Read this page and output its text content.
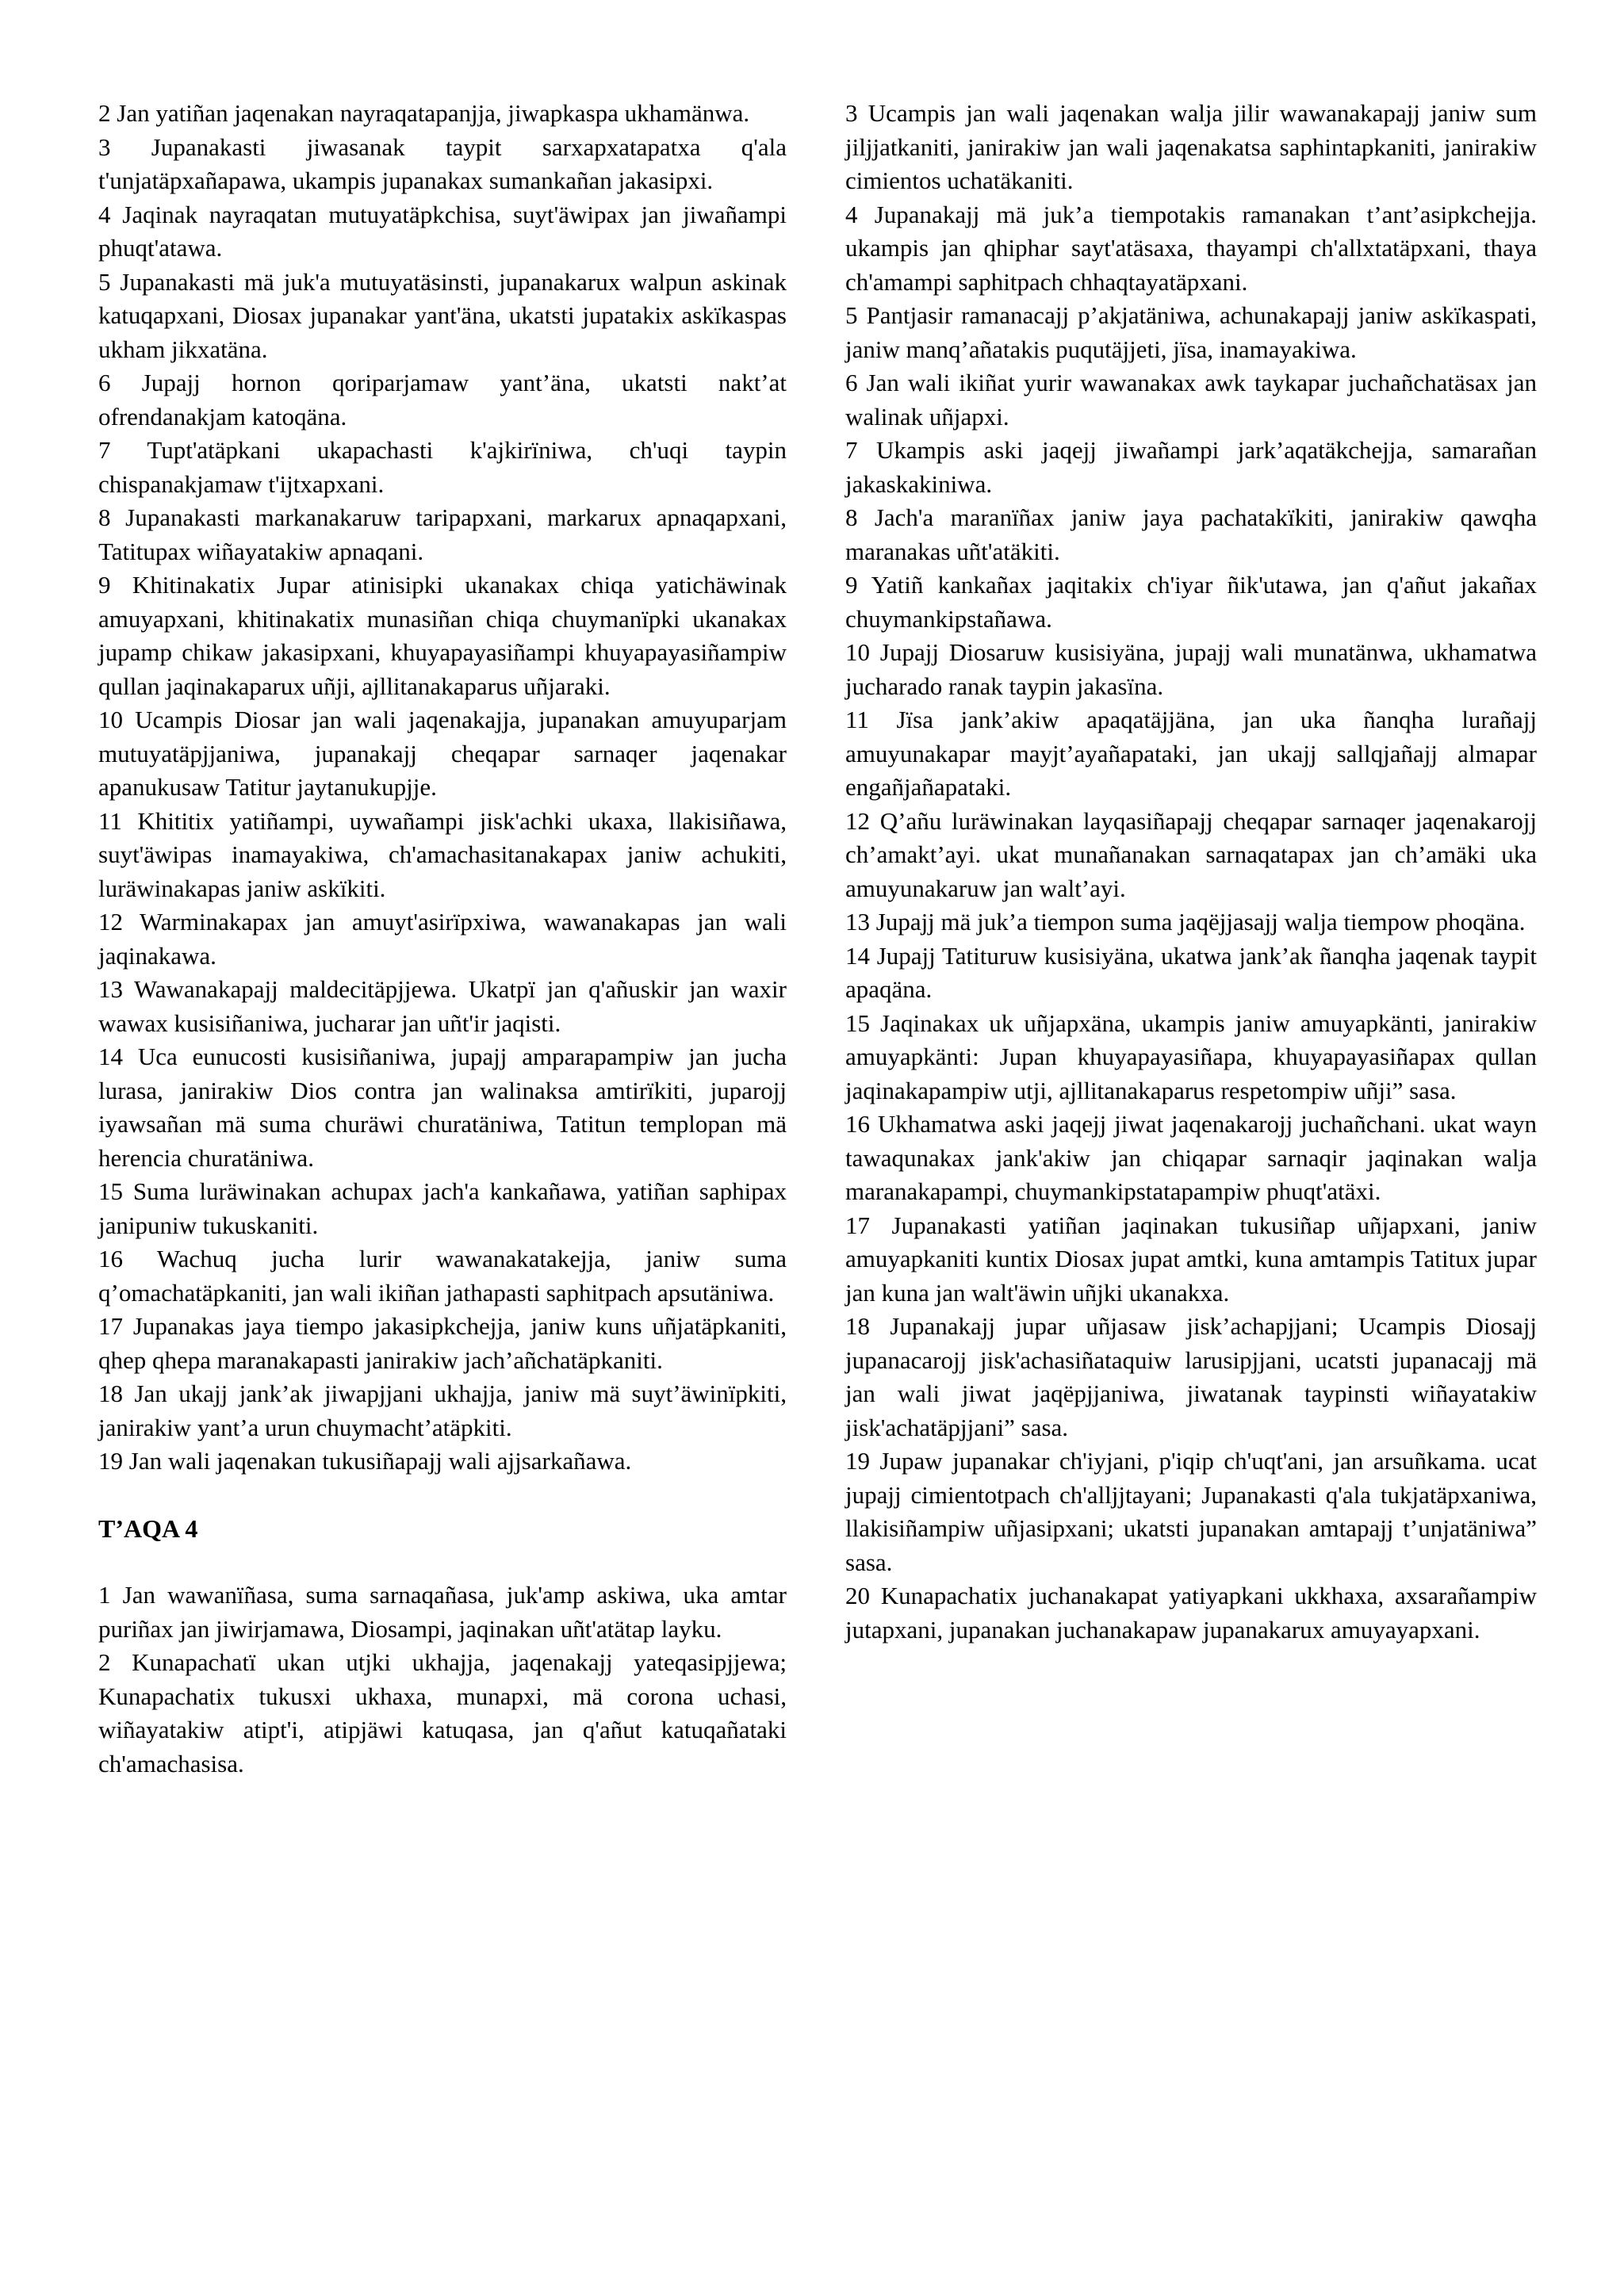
2 Jan yatiñan jaqenakan nayraqatapanjja, jiwapkaspa ukhamänwa.

3 Jupanakasti jiwasanak taypit sarxapxatapatxa q'ala t'unjatäpxañapawa, ukampis jupanakax sumankañan jakasipxi.

4 Jaqinak nayraqatan mutuyatäpkchisa, suyt'äwipax jan jiwañampi phuqt'atawa.

5 Jupanakasti mä juk'a mutuyatäsinsti, jupanakarux walpun askinak katuqapxani, Diosax jupanakar yant'äna, ukatsti jupatakix askïkaspas ukham jikxatäna.

6 Jupajj hornon qoriparjamaw yant’äna, ukatsti nakt’at ofrendanakjam katoqäna.

7 Tupt'atäpkani ukapachasti k'ajkirïniwa, ch'uqi taypin chispanakjamaw t'ijtxapxani.

8 Jupanakasti markanakaruw taripapxani, markarux apnaqapxani, Tatitupax wiñayatakiw apnaqani.

9 Khitinakatix Jupar atinisipki ukanakax chiqa yatichäwinak amuyapxani, khitinakatix munasiñan chiqa chuymanïpki ukanakax jupamp chikaw jakasipxani, khuyapayasiñampi khuyapayasiñampiw qullan jaqinakaparux uñji, ajllitanakaparus uñjaraki.

10 Ucampis Diosar jan wali jaqenakajja, jupanakan amuyuparjam mutuyatäpjjaniwa, jupanakajj cheqapar sarnaqer jaqenakar apanukusaw Tatitur jaytanukupjje.

11 Khititix yatiñampi, uywañampi jisk'achki ukaxa, llakisiñawa, suyt'äwipas inamayakiwa, ch'amachasitanakapax janiw achukiti, luräwinakapas janiw askïkiti.

12 Warminakapax jan amuyt'asirïpxiwa, wawanakapas jan wali jaqinakawa.

13 Wawanakapajj maldecitäpjjewa. Ukatpï jan q'añuskir jan waxir wawax kusisiñaniwa, jucharar jan uñt'ir jaqisti.

14 Uca eunucosti kusisiñaniwa, jupajj amparapampiw jan jucha lurasa, janirakiw Dios contra jan walinaksa amtirïkiti, juparojj iyawsañan mä suma churäwi churatäniwa, Tatitun templopan mä herencia churatäniwa.

15 Suma luräwinakan achupax jach'a kankañawa, yatiñan saphipax janipuniw tukuskaniti.

16 Wachuq jucha lurir wawanakatakejja, janiw suma q’omachatäpkaniti, jan wali ikiñan jathapasti saphitpach apsutäniwa.

17 Jupanakas jaya tiempo jakasipkchejja, janiw kuns uñjatäpkaniti, qhep qhepa maranakapasti janirakiw jach’añchatäpkaniti.

18 Jan ukajj jank’ak jiwapjjani ukhajja, janiw mä suyt’äwinïpkiti, janirakiw yant’a urun chuymacht’atäpkiti.

19 Jan wali jaqenakan tukusiñapajj wali ajjsarkañawa.

T’AQA 4

1 Jan wawanïñasa, suma sarnaqañasa, juk'amp askiwa, uka amtar puriñax jan jiwirjamawa, Diosampi, jaqinakan uñt'atätap layku.

2 Kunapachatï ukan utjki ukhajja, jaqenakajj yateqasipjjewa; Kunapachatix tukusxi ukhaxa, munapxi, mä corona uchasi, wiñayatakiw atipt'i, atipjäwi katuqasa, jan q'añut katuqañataki ch'amachasisa.

3 Ucampis jan wali jaqenakan walja jilir wawanakapajj janiw sum jiljjatkaniti, janirakiw jan wali jaqenakatsa saphintapkaniti, janirakiw cimientos uchatäkaniti.

4 Jupanakajj mä juk’a tiempotakis ramanakan t’ant’asipkchejja. ukampis jan qhiphar sayt'atäsaxa, thayampi ch'allxtatäpxani, thaya ch'amampi saphitpach chhaqtayatäpxani.

5 Pantjasir ramanacajj p’akjatäniwa, achunakapajj janiw askïkaspati, janiw manq’añatakis puqutäjjeti, jïsa, inamayakiwa.

6 Jan wali ikiñat yurir wawanakax awk taykapar juchañchatäsax jan walinak uñjapxi.

7 Ukampis aski jaqejj jiwañampi jark’aqatäkchejja, samarañan jakaskakiniwa.

8 Jach'a maranïñax janiw jaya pachatakïkiti, janirakiw qawqha maranakas uñt'atäkiti.

9 Yatiñ kankañax jaqitakix ch'iyar ñik'utawa, jan q'añut jakañax chuymankipstañawa.

10 Jupajj Diosaruw kusisiyäna, jupajj wali munatänwa, ukhamatwa jucharado ranak taypin jakasïna.

11 Jïsa jank’akiw apaqatäjjäna, jan uka ñanqha lurañajj amuyunakapar mayjt’ayañapataki, jan ukajj sallqjañajj almapar engañjañapataki.

12 Q’añu luräwinakan layqasiñapajj cheqapar sarnaqer jaqenakarojj ch’amakt’ayi. ukat munañanakan sarnaqatapax jan ch’amäki uka amuyunakaruw jan walt’ayi.

13 Jupajj mä juk’a tiempon suma jaqëjjasajj walja tiempow phoqäna.

14 Jupajj Tatituruw kusisiyäna, ukatwa jank’ak ñanqha jaqenak taypit apaqäna.

15 Jaqinakax uk uñjapxäna, ukampis janiw amuyapkänti, janirakiw amuyapkänti: Jupan khuyapayasiñapa, khuyapayasiñapax qullan jaqinakapampiw utji, ajllitanakaparus respetompiw uñji” sasa.

16 Ukhamatwa aski jaqejj jiwat jaqenakarojj juchañchani. ukat wayn tawaqunakax jank'akiw jan chiqapar sarnaqir jaqinakan walja maranakapampi, chuymankipstatapampiw phuqt'atäxi.

17 Jupanakasti yatiñan jaqinakan tukusiñap uñjapxani, janiw amuyapkaniti kuntix Diosax jupat amtki, kuna amtampis Tatitux jupar jan kuna jan walt'äwin uñjki ukanakxa.

18 Jupanakajj jupar uñjasaw jisk’achapjjani; Ucampis Diosajj jupanacarojj jisk'achasiñataquiw larusipjjani, ucatsti jupanacajj mä jan wali jiwat jaqëpjjaniwa, jiwatanak taypinsti wiñayatakiw jisk'achatäpjjani” sasa.

19 Jupaw jupanakar ch'iyjani, p'iqip ch'uqt'ani, jan arsuñkama. ucat jupajj cimientotpach ch'alljjtayani; Jupanakasti q'ala tukjatäpxaniwa, llakisiñampiw uñjasipxani; ukatsti jupanakan amtapajj t’unjatäniwa” sasa.

20 Kunapachatix juchanakapat yatiyapkani ukkhaxa, axsarañampiw jutapxani, jupanakan juchanakapaw jupanakarux amuyayapxani.
